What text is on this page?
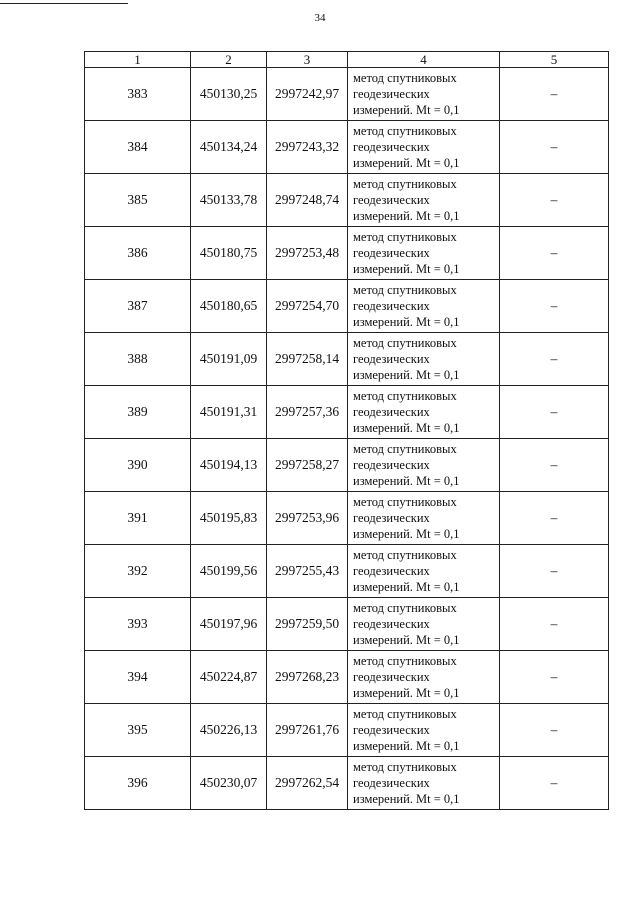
34
1	2	3	4	5
383	450130,25	2997242,97	метод спутниковых
геодезических
измерений. Mt = 0,1	–
384	450134,24	2997243,32	метод спутниковых
геодезических
измерений. Mt = 0,1	–
385	450133,78	2997248,74	метод спутниковых
геодезических
измерений. Mt = 0,1	–
386	450180,75	2997253,48	метод спутниковых
геодезических
измерений. Mt = 0,1	–
387	450180,65	2997254,70	метод спутниковых
геодезических
измерений. Mt = 0,1	–
388	450191,09	2997258,14	метод спутниковых
геодезических
измерений. Mt = 0,1	–
389	450191,31	2997257,36	метод спутниковых
геодезических
измерений. Mt = 0,1	–
390	450194,13	2997258,27	метод спутниковых
геодезических
измерений. Mt = 0,1	–
391	450195,83	2997253,96	метод спутниковых
геодезических
измерений. Mt = 0,1	–
392	450199,56	2997255,43	метод спутниковых
геодезических
измерений. Mt = 0,1	–
393	450197,96	2997259,50	метод спутниковых
геодезических
измерений. Mt = 0,1	–
394	450224,87	2997268,23	метод спутниковых
геодезических
измерений. Mt = 0,1	–
395	450226,13	2997261,76	метод спутниковых
геодезических
измерений. Mt = 0,1	–
396	450230,07	2997262,54	метод спутниковых
геодезических
измерений. Mt = 0,1	–
